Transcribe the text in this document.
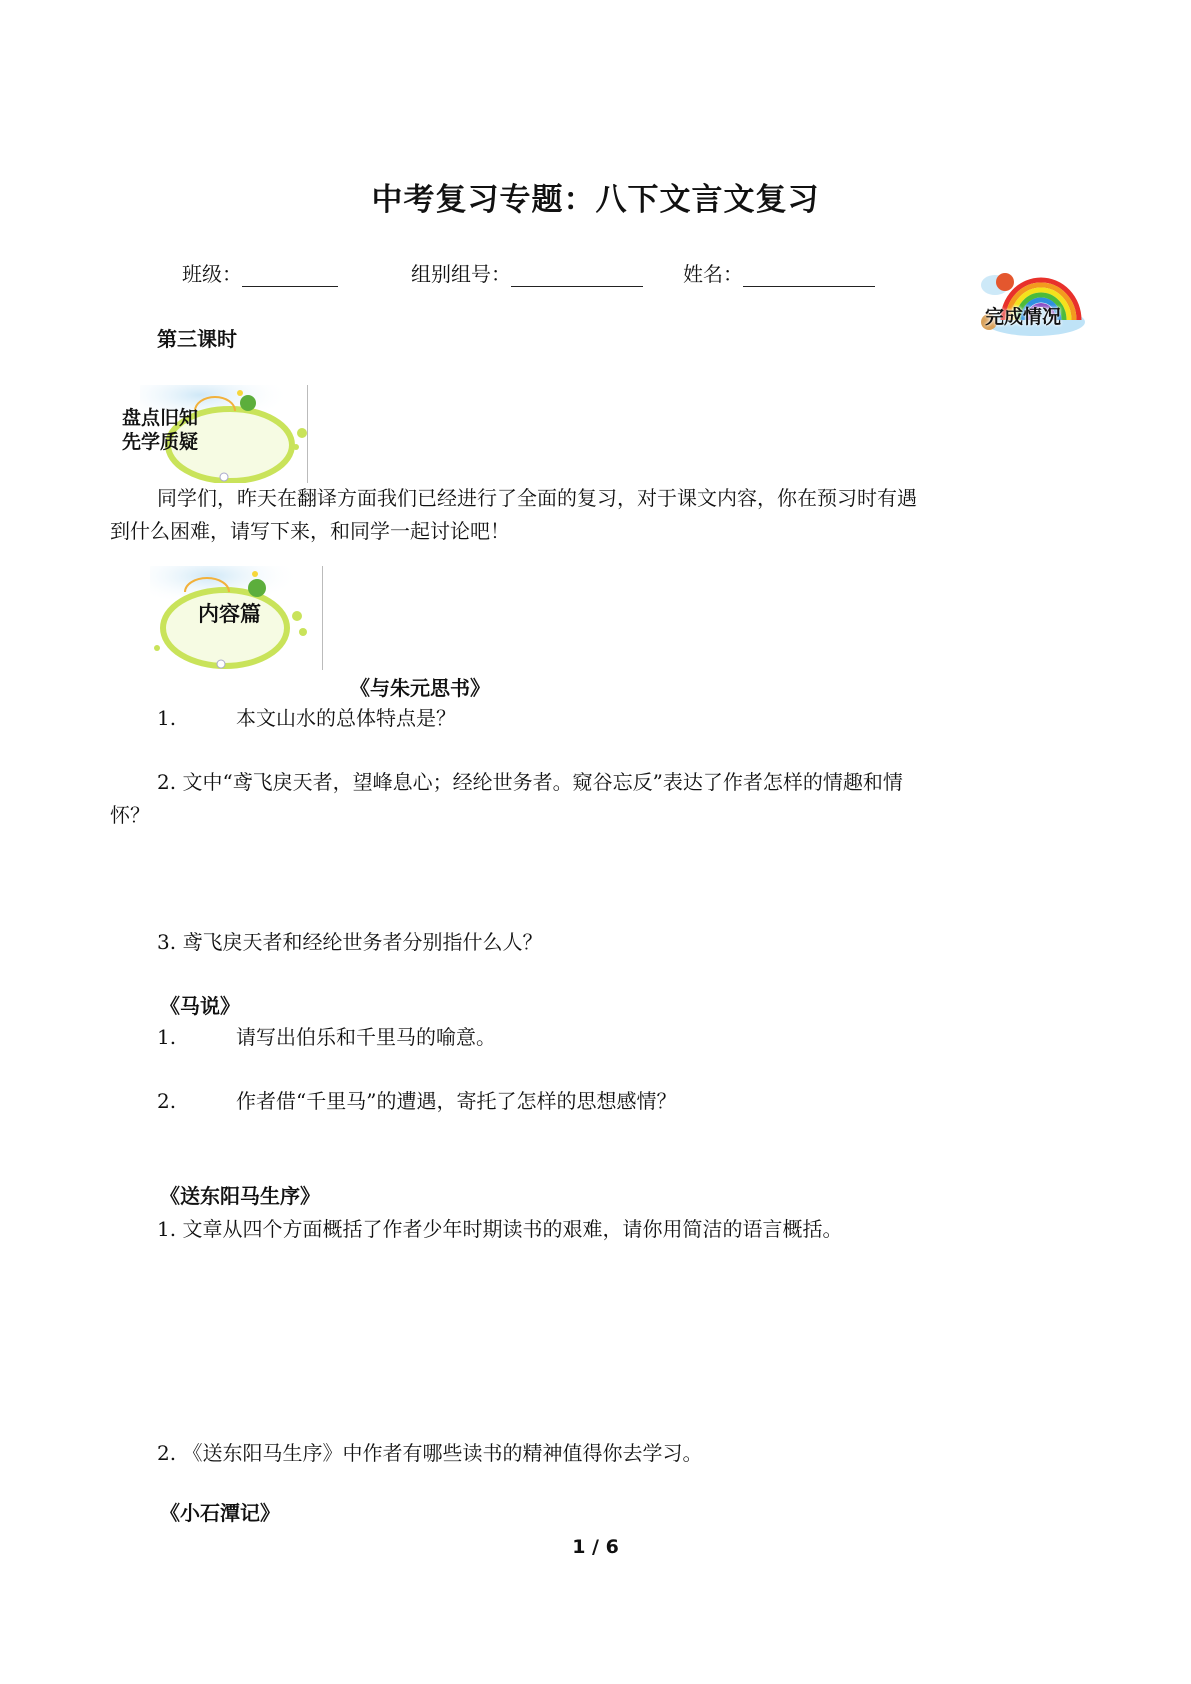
中考复习专题：八下文言文复习
班级：	组别组号：	姓名：
完成情况
第三课时
盘点旧知
先学质疑
同学们，昨天在翻译方面我们已经进行了全面的复习，对于课文内容，你在预习时有遇
到什么困难，请写下来，和同学一起讨论吧！
内容篇
《与朱元思书》
1.	本文山水的总体特点是？
2. 文中“鸢飞戾天者，望峰息心；经纶世务者。窥谷忘反”表达了作者怎样的情趣和情
怀？
3. 鸢飞戾天者和经纶世务者分别指什么人？
《马说》
1.	请写出伯乐和千里马的喻意。
2.	作者借“千里马”的遭遇，寄托了怎样的思想感情？
《送东阳马生序》
1. 文章从四个方面概括了作者少年时期读书的艰难，请你用简洁的语言概括。
2. 《送东阳马生序》中作者有哪些读书的精神值得你去学习。
《小石潭记》
1 / 6
